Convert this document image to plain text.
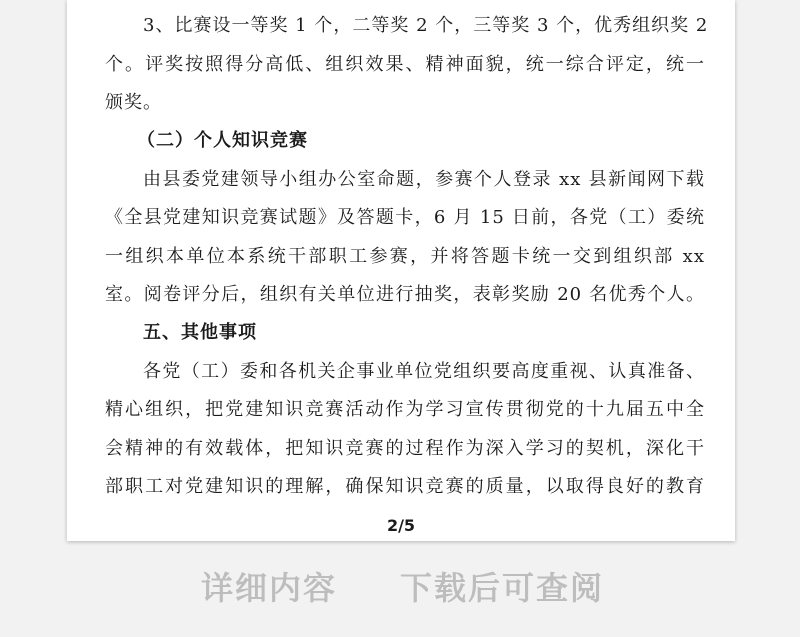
3、比赛设一等奖 1 个，二等奖 2 个，三等奖 3 个，优秀组织奖 2
个。评奖按照得分高低、组织效果、精神面貌，统一综合评定，统一
颁奖。
（二）个人知识竞赛
由县委党建领导小组办公室命题，参赛个人登录 xx 县新闻网下载
《全县党建知识竞赛试题》及答题卡，6 月 15 日前，各党（工）委统
一组织本单位本系统干部职工参赛，并将答题卡统一交到组织部 xx
室。阅卷评分后，组织有关单位进行抽奖，表彰奖励 20 名优秀个人。
五、其他事项
各党（工）委和各机关企事业单位党组织要高度重视、认真准备、
精心组织，把党建知识竞赛活动作为学习宣传贯彻党的十九届五中全
会精神的有效载体，把知识竞赛的过程作为深入学习的契机，深化干
部职工对党建知识的理解，确保知识竞赛的质量，以取得良好的教育
2/5
详细内容 下载后可查阅
